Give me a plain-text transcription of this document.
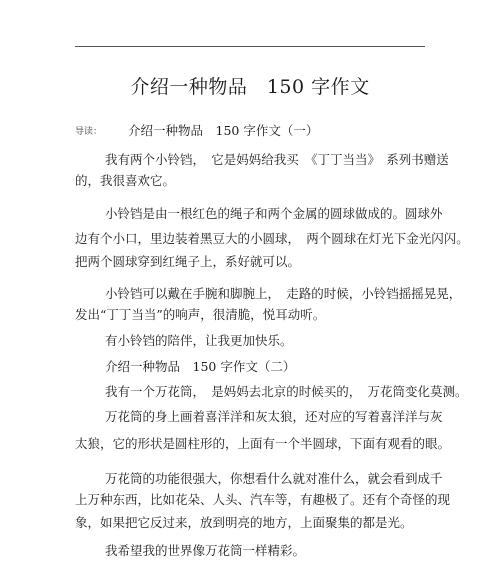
介绍一种物品　150 字作文
导读： 介绍一种物品　150 字作文（一）
我有两个小铃铛，　它是妈妈给我买　《丁丁当当》　系列书赠送
的，我很喜欢它。
小铃铛是由一根红色的绳子和两个金属的圆球做成的。圆球外
边有个小口，里边装着黑豆大的小圆球，　两个圆球在灯光下金光闪闪。
把两个圆球穿到红绳子上，系好就可以。
小铃铛可以戴在手腕和脚腕上，　走路的时候，小铃铛摇摇晃晃，
发出“丁丁当当”的响声，很清脆，悦耳动听。
有小铃铛的陪伴，让我更加快乐。
介绍一种物品　150 字作文（二）
我有一个万花筒，　是妈妈去北京的时候买的，　万花筒变化莫测。
万花筒的身上画着喜洋洋和灰太狼，还对应的写着喜洋洋与灰
太狼，它的形状是圆柱形的，上面有一个半圆球，下面有观看的眼。
万花筒的功能很强大，你想看什么就对准什么，就会看到成千
上万种东西，比如花朵、人头、汽车等，有趣极了。还有个奇怪的现
象，如果把它反过来，放到明亮的地方，上面聚集的都是光。
我希望我的世界像万花筒一样精彩。
